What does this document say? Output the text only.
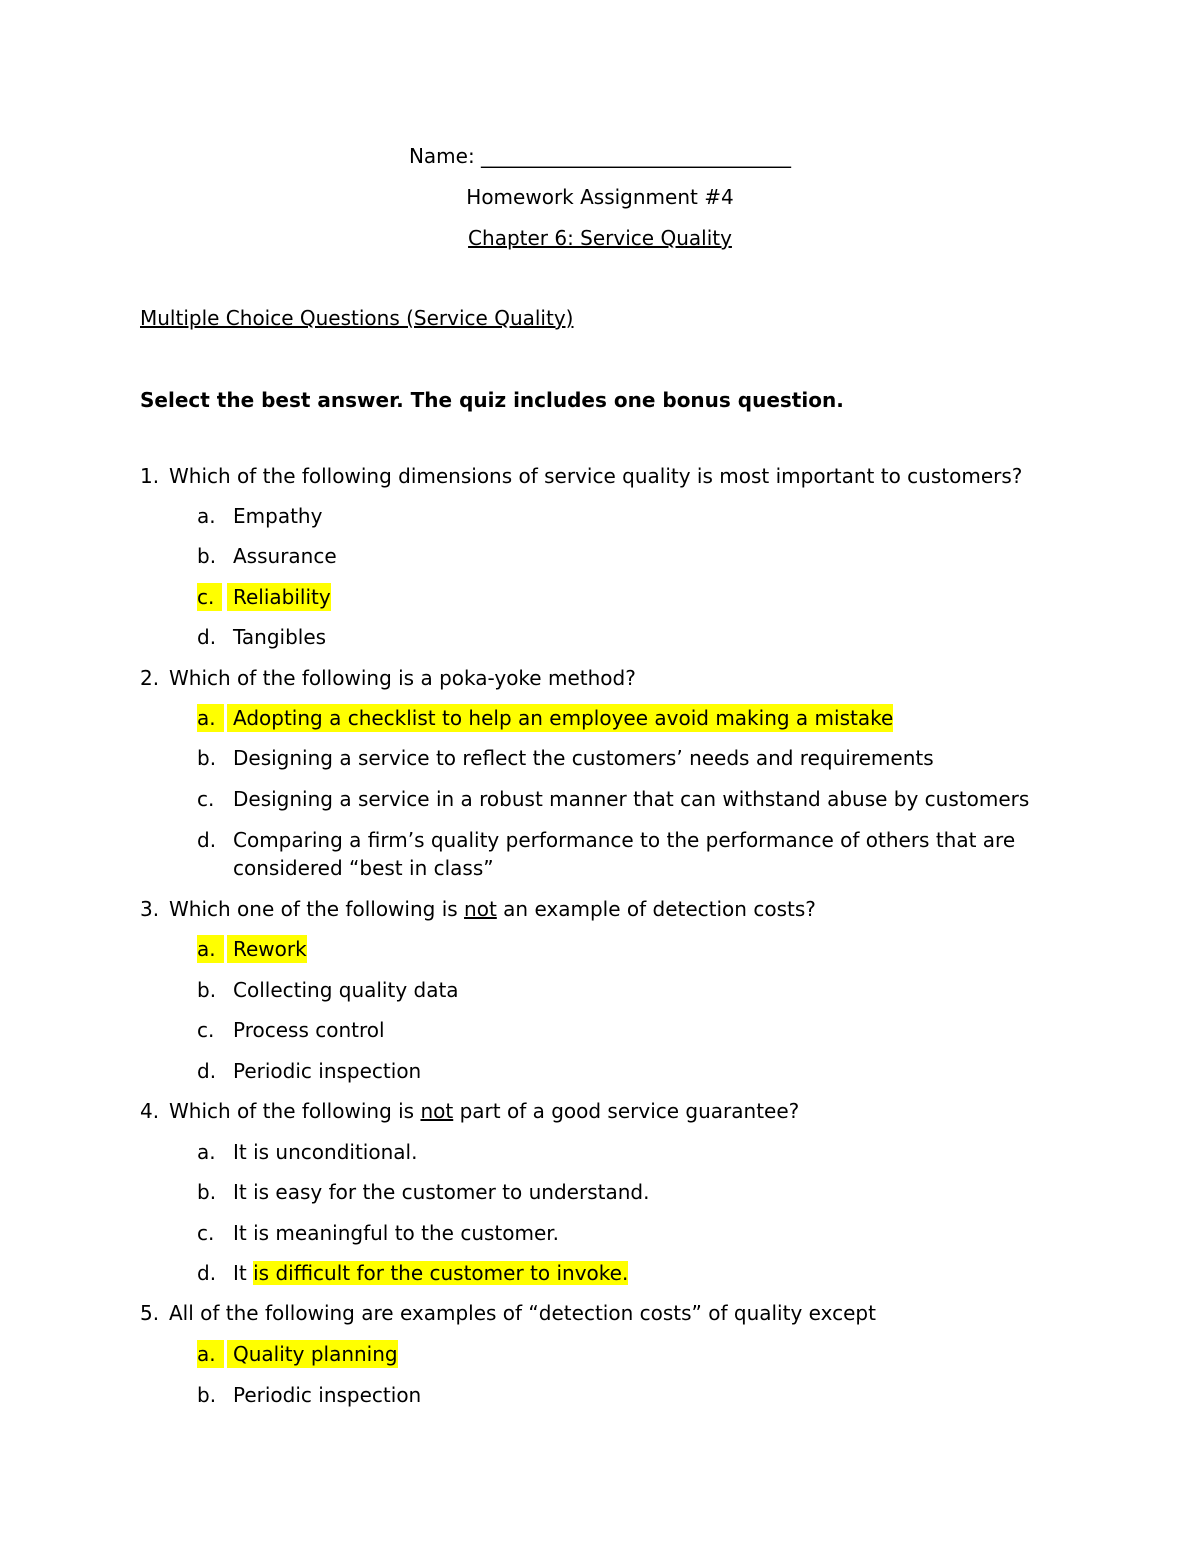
Name: _______________________________
Homework Assignment #4
Chapter 6: Service Quality
Multiple Choice Questions (Service Quality)
Select the best answer. The quiz includes one bonus question.
1. Which of the following dimensions of service quality is most important to customers?
a. Empathy
b. Assurance
c. Reliability
d. Tangibles
2. Which of the following is a poka-yoke method?
a. Adopting a checklist to help an employee avoid making a mistake
b. Designing a service to reflect the customers’ needs and requirements
c. Designing a service in a robust manner that can withstand abuse by customers
d. Comparing a firm’s quality performance to the performance of others that are
considered “best in class”
3. Which one of the following is not an example of detection costs?
a. Rework
b. Collecting quality data
c. Process control
d. Periodic inspection
4. Which of the following is not part of a good service guarantee?
a. It is unconditional.
b. It is easy for the customer to understand.
c. It is meaningful to the customer.
d. It is difficult for the customer to invoke.
5. All of the following are examples of “detection costs” of quality except
a. Quality planning
b. Periodic inspection
